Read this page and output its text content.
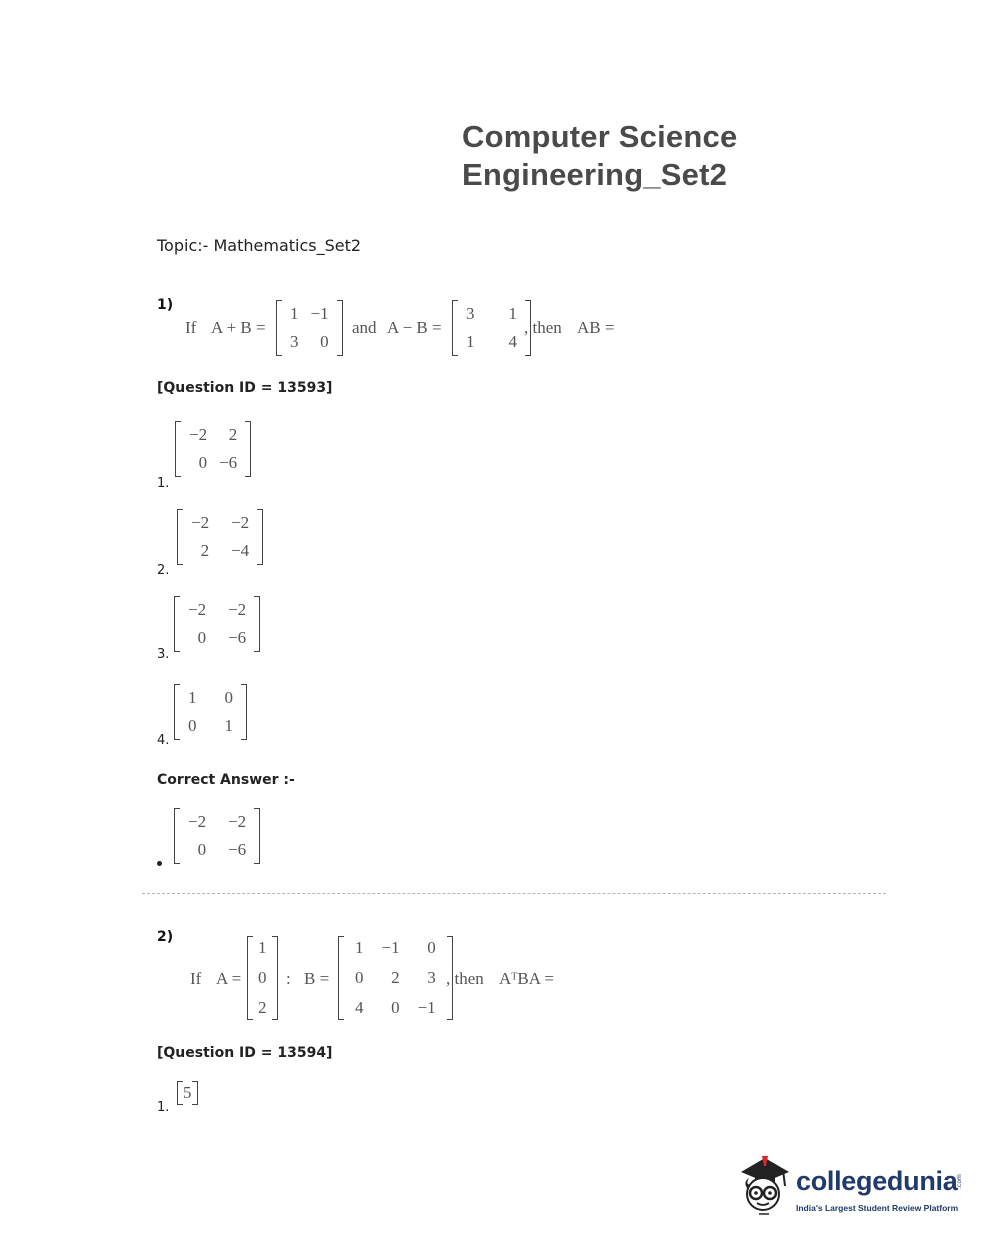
Computer Science
Engineering_Set2
Topic:- Mathematics_Set2
1)
If A + B =
1	−1
3	0
and A − B =
3	1
1	4
, then AB =
[Question ID = 13593]
−2	2
0	−6
1.
−2	−2
2	−4
2.
−2	−2
0	−6
3.
1	0
0	1
4.
Correct Answer :-
−2	−2
0	−6
2)
If A =
1
0
2
: B =
1	−1	0
0	2	3
4	0	−1
, then AᵀBA =
[Question ID = 13594]
5
1.
collegedunia
.com
India's Largest Student Review Platform
